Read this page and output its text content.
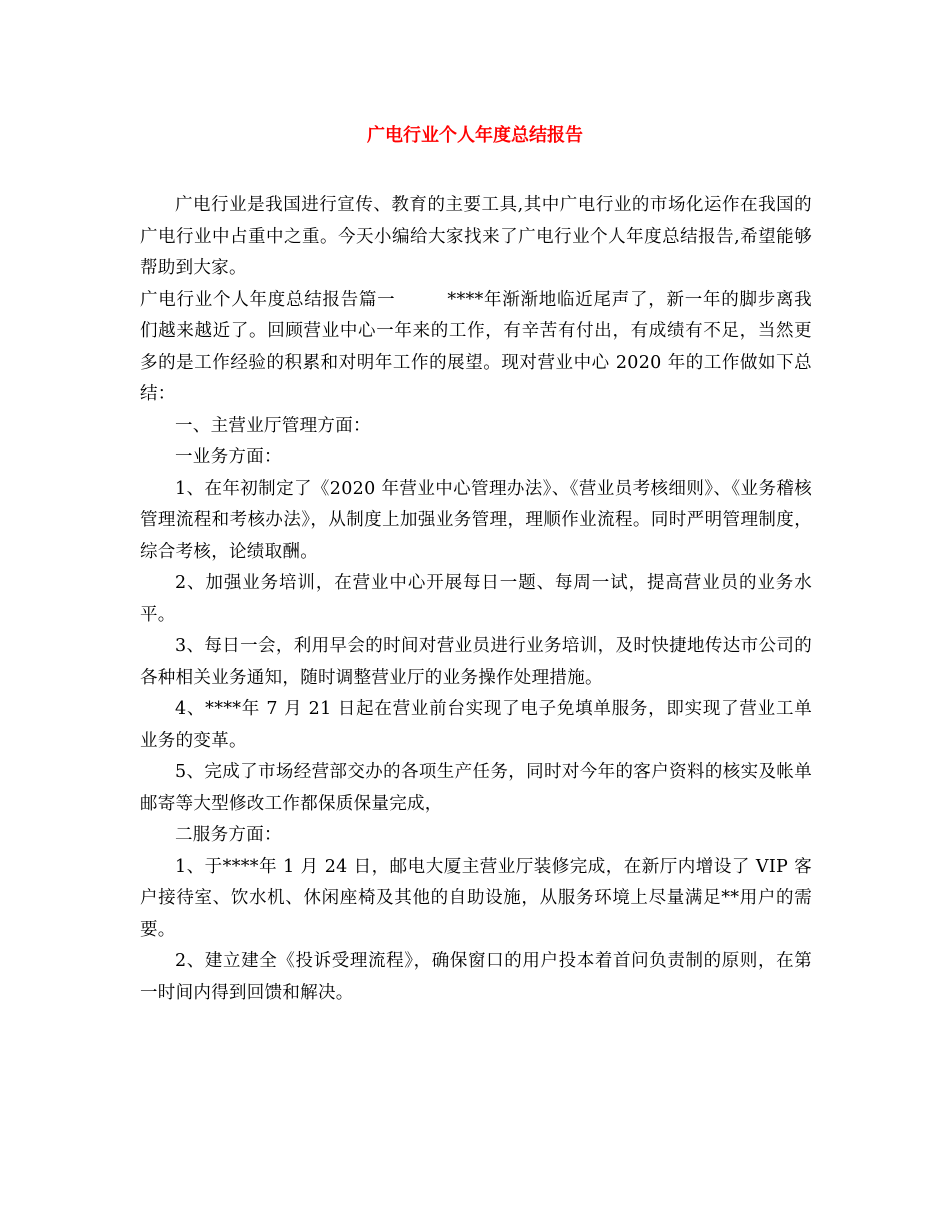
广电行业个人年度总结报告

广电行业是我国进行宣传、教育的主要工具,其中广电行业的市场化运作在我国的广电行业中占重中之重。今天小编给大家找来了广电行业个人年度总结报告,希望能够帮助到大家。

广电行业个人年度总结报告篇一	****年渐渐地临近尾声了，新一年的脚步离我们越来越近了。回顾营业中心一年来的工作，有辛苦有付出，有成绩有不足，当然更多的是工作经验的积累和对明年工作的展望。现对营业中心 2020 年的工作做如下总结：

一、主营业厅管理方面：

一业务方面：

1、在年初制定了《2020 年营业中心管理办法》、《营业员考核细则》、《业务稽核管理流程和考核办法》，从制度上加强业务管理，理顺作业流程。同时严明管理制度，综合考核，论绩取酬。

2、加强业务培训，在营业中心开展每日一题、每周一试，提高营业员的业务水平。

3、每日一会，利用早会的时间对营业员进行业务培训，及时快捷地传达市公司的各种相关业务通知，随时调整营业厅的业务操作处理措施。

4、****年 7 月 21 日起在营业前台实现了电子免填单服务，即实现了营业工单业务的变革。

5、完成了市场经营部交办的各项生产任务，同时对今年的客户资料的核实及帐单邮寄等大型修改工作都保质保量完成，

二服务方面：

1、于****年 1 月 24 日，邮电大厦主营业厅装修完成，在新厅内增设了 VIP 客户接待室、饮水机、休闲座椅及其他的自助设施，从服务环境上尽量满足**用户的需要。

2、建立建全《投诉受理流程》，确保窗口的用户投本着首问负责制的原则，在第一时间内得到回馈和解决。
